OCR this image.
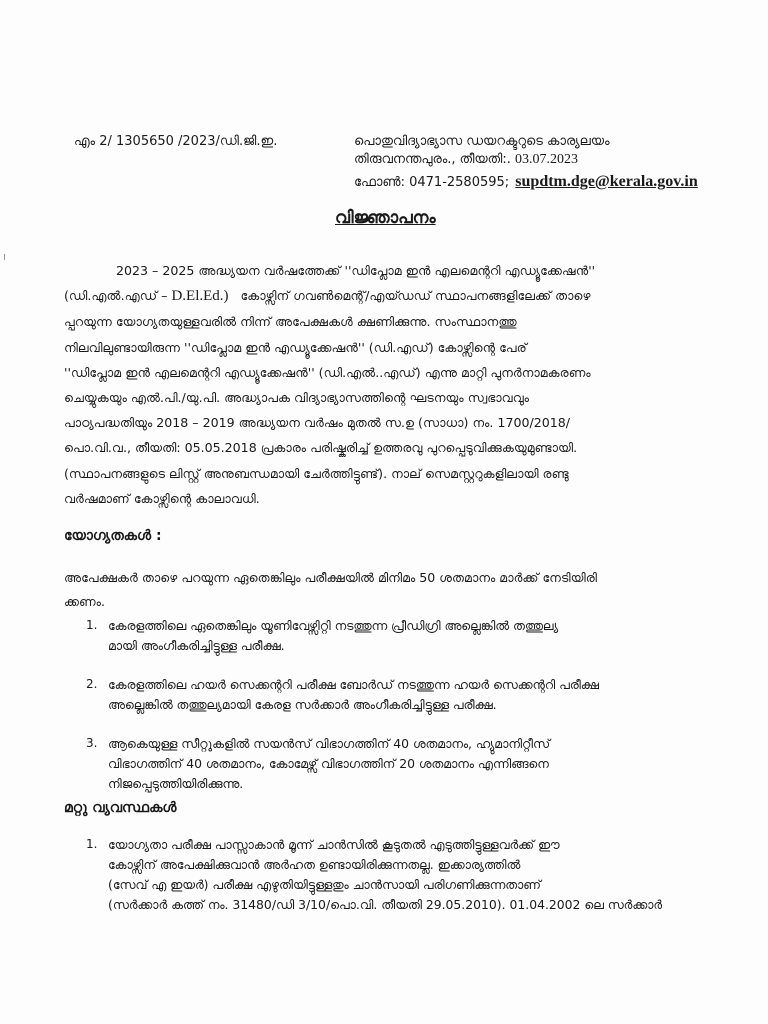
എം 2/ 1305650 /2023/ഡി.ജി.ഇ.	പൊതുവിദ്യാഭ്യാസ ഡയറക്ടറുടെ കാര്യലയം
തിരുവനന്തപുരം., തീയതി:. 03.07.2023
ഫോൺ: 0471-2580595; supdtm.dge@kerala.gov.in
വിജ്ഞാപനം
2023 – 2025 അദ്ധ്യയന വർഷത്തേക്ക് ''ഡിപ്ലോമ ഇൻ എലമെന്ററി എഡ്യൂക്കേഷൻ''
(ഡി.എൽ.എഡ് – D.El.Ed.) കോഴ്സിന് ഗവൺമെന്റ്/എയ്ഡഡ് സ്ഥാപനങ്ങളിലേക്ക് താഴെ
പ്പറയുന്ന യോഗ്യതയുള്ളവരിൽ നിന്ന് അപേക്ഷകൾ ക്ഷണിക്കുന്നു. സംസ്ഥാനത്തു
നിലവിലുണ്ടായിരുന്ന ''ഡിപ്ലോമ ഇൻ എഡ്യൂക്കേഷൻ'' (ഡി.എഡ്) കോഴ്സിന്റെ പേര്
''ഡിപ്ലോമ ഇൻ എലമെന്ററി എഡ്യൂക്കേഷൻ'' (ഡി.എൽ..എഡ്) എന്നു മാറ്റി പുനർനാമകരണം
ചെയ്യുകയും എൽ.പി./യു.പി. അദ്ധ്യാപക വിദ്യാഭ്യാസത്തിന്റെ ഘടനയും സ്വഭാവവും
പാഠ്യപദ്ധതിയും 2018 – 2019 അദ്ധ്യയന വർഷം മുതൽ സ.ഉ (സാധാ) നം. 1700/2018/
പൊ.വി.വ., തീയതി: 05.05.2018 പ്രകാരം പരിഷ്കരിച്ച് ഉത്തരവു പുറപ്പെടുവിക്കുകയുമുണ്ടായി.
(സ്ഥാപനങ്ങളുടെ ലിസ്റ്റ് അനുബന്ധമായി ചേർത്തിട്ടുണ്ട്). നാല് സെമസ്റ്ററുകളിലായി രണ്ടു
വർഷമാണ് കോഴ്സിന്റെ കാലാവധി.
യോഗ്യതകൾ :
അപേക്ഷകർ താഴെ പറയുന്ന ഏതെങ്കിലും പരീക്ഷയിൽ മിനിമം 50 ശതമാനം മാർക്ക് നേടിയിരി
ക്കണം.
1. കേരളത്തിലെ ഏതെങ്കിലും യൂണിവേഴ്സിറ്റി നടത്തുന്ന പ്രീഡിഗ്രി അല്ലെങ്കിൽ തത്തുല്യ
മായി അംഗീകരിച്ചിട്ടുള്ള പരീക്ഷ.
2. കേരളത്തിലെ ഹയർ സെക്കന്ററി പരീക്ഷ ബോർഡ് നടത്തുന്ന ഹയർ സെക്കന്ററി പരീക്ഷ
അല്ലെങ്കിൽ തത്തുല്യമായി കേരള സർക്കാർ അംഗീകരിച്ചിട്ടുള്ള പരീക്ഷ.
3. ആകെയുള്ള സീറ്റുകളിൽ സയൻസ് വിഭാഗത്തിന് 40 ശതമാനം, ഹ്യുമാനിറ്റീസ്
വിഭാഗത്തിന് 40 ശതമാനം, കോമേഴ്സ് വിഭാഗത്തിന് 20 ശതമാനം എന്നിങ്ങനെ
നിജപ്പെടുത്തിയിരിക്കുന്നു.
മറ്റു വ്യവസ്ഥകൾ
1. യോഗ്യതാ പരീക്ഷ പാസ്സാകാൻ മൂന്ന് ചാൻസിൽ കൂടുതൽ എടുത്തിട്ടുള്ളവർക്ക് ഈ
കോഴ്സിന് അപേക്ഷിക്കുവാൻ അർഹത ഉണ്ടായിരിക്കുന്നതല്ല. ഇക്കാര്യത്തിൽ
(സേവ് എ ഇയർ) പരീക്ഷ എഴുതിയിട്ടുള്ളതും ചാൻസായി പരിഗണിക്കുന്നതാണ്
(സർക്കാർ കത്ത് നം. 31480/ഡി 3/10/പൊ.വി. തീയതി 29.05.2010). 01.04.2002 ലെ സർക്കാർ
